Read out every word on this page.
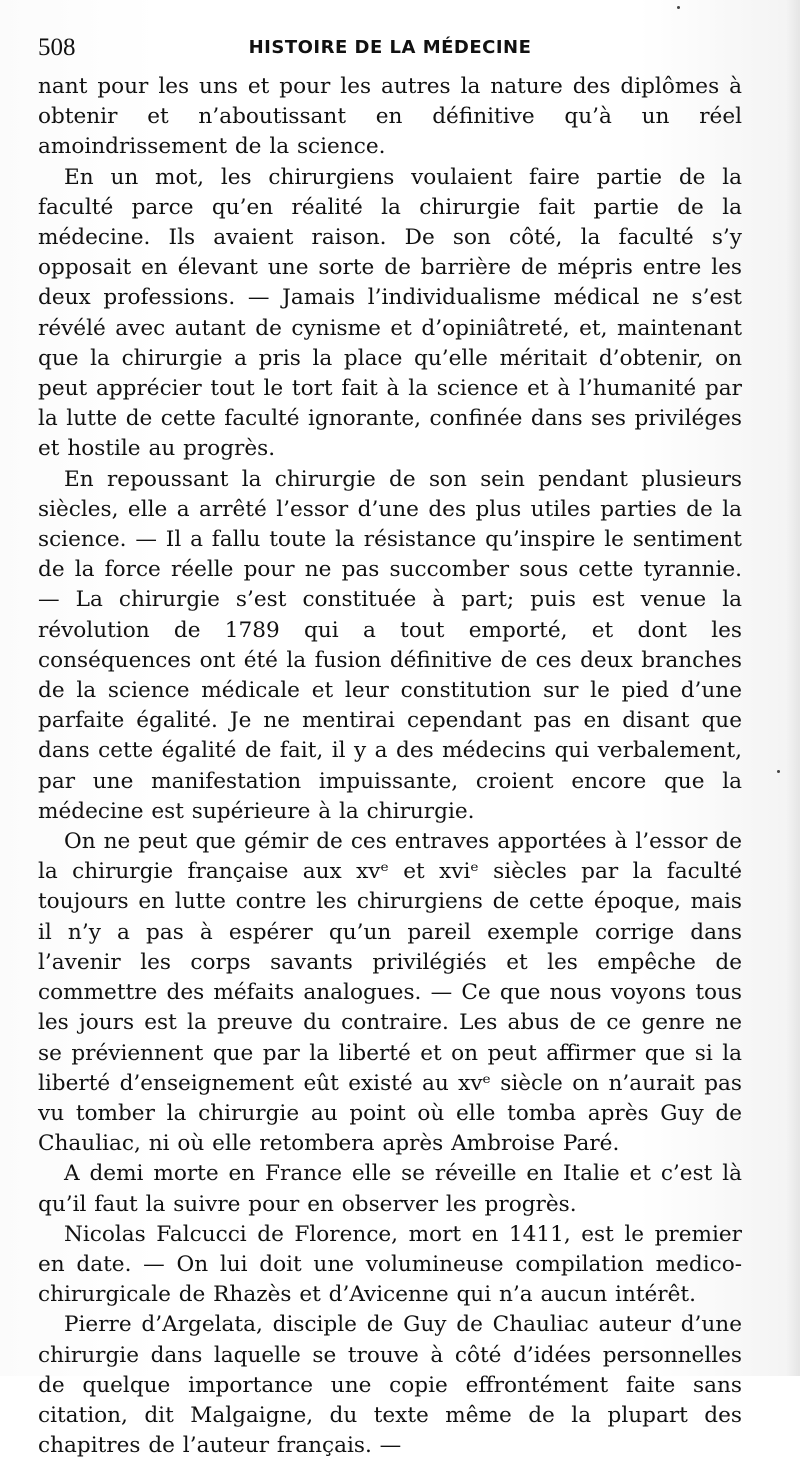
508	HISTOIRE DE LA MÉDECINE

nant pour les uns et pour les autres la nature des diplômes à obtenir et n’aboutissant en définitive qu’à un réel amoindrissement de la science.

En un mot, les chirurgiens voulaient faire partie de la faculté parce qu’en réalité la chirurgie fait partie de la médecine. Ils avaient raison. De son côté, la faculté s’y opposait en élevant une sorte de barrière de mépris entre les deux professions. — Jamais l’individualisme médical ne s’est révélé avec autant de cynisme et d’opiniâtreté, et, maintenant que la chirurgie a pris la place qu’elle méritait d’obtenir, on peut apprécier tout le tort fait à la science et à l’humanité par la lutte de cette faculté ignorante, confinée dans ses priviléges et hostile au progrès.

En repoussant la chirurgie de son sein pendant plusieurs siècles, elle a arrêté l’essor d’une des plus utiles parties de la science. — Il a fallu toute la résistance qu’inspire le sentiment de la force réelle pour ne pas succomber sous cette tyrannie. — La chirurgie s’est constituée à part; puis est venue la révolution de 1789 qui a tout emporté, et dont les conséquences ont été la fusion définitive de ces deux branches de la science médicale et leur constitution sur le pied d’une parfaite égalité. Je ne mentirai cependant pas en disant que dans cette égalité de fait, il y a des médecins qui verbalement, par une manifestation impuissante, croient encore que la médecine est supérieure à la chirurgie.

On ne peut que gémir de ces entraves apportées à l’essor de la chirurgie française aux xvᵉ et xviᵉ siècles par la faculté toujours en lutte contre les chirurgiens de cette époque, mais il n’y a pas à espérer qu’un pareil exemple corrige dans l’avenir les corps savants privilégiés et les empêche de commettre des méfaits analogues. — Ce que nous voyons tous les jours est la preuve du contraire. Les abus de ce genre ne se préviennent que par la liberté et on peut affirmer que si la liberté d’enseignement eût existé au xvᵉ siècle on n’aurait pas vu tomber la chirurgie au point où elle tomba après Guy de Chauliac, ni où elle retombera après Ambroise Paré.

A demi morte en France elle se réveille en Italie et c’est là qu’il faut la suivre pour en observer les progrès.

Nicolas Falcucci de Florence, mort en 1411, est le premier en date. — On lui doit une volumineuse compilation medico-chirurgicale de Rhazès et d’Avicenne qui n’a aucun intérêt.

Pierre d’Argelata, disciple de Guy de Chauliac auteur d’une chirurgie dans laquelle se trouve à côté d’idées personnelles de quelque importance une copie effrontément faite sans citation, dit Malgaigne, du texte même de la plupart des chapitres de l’auteur français. —
